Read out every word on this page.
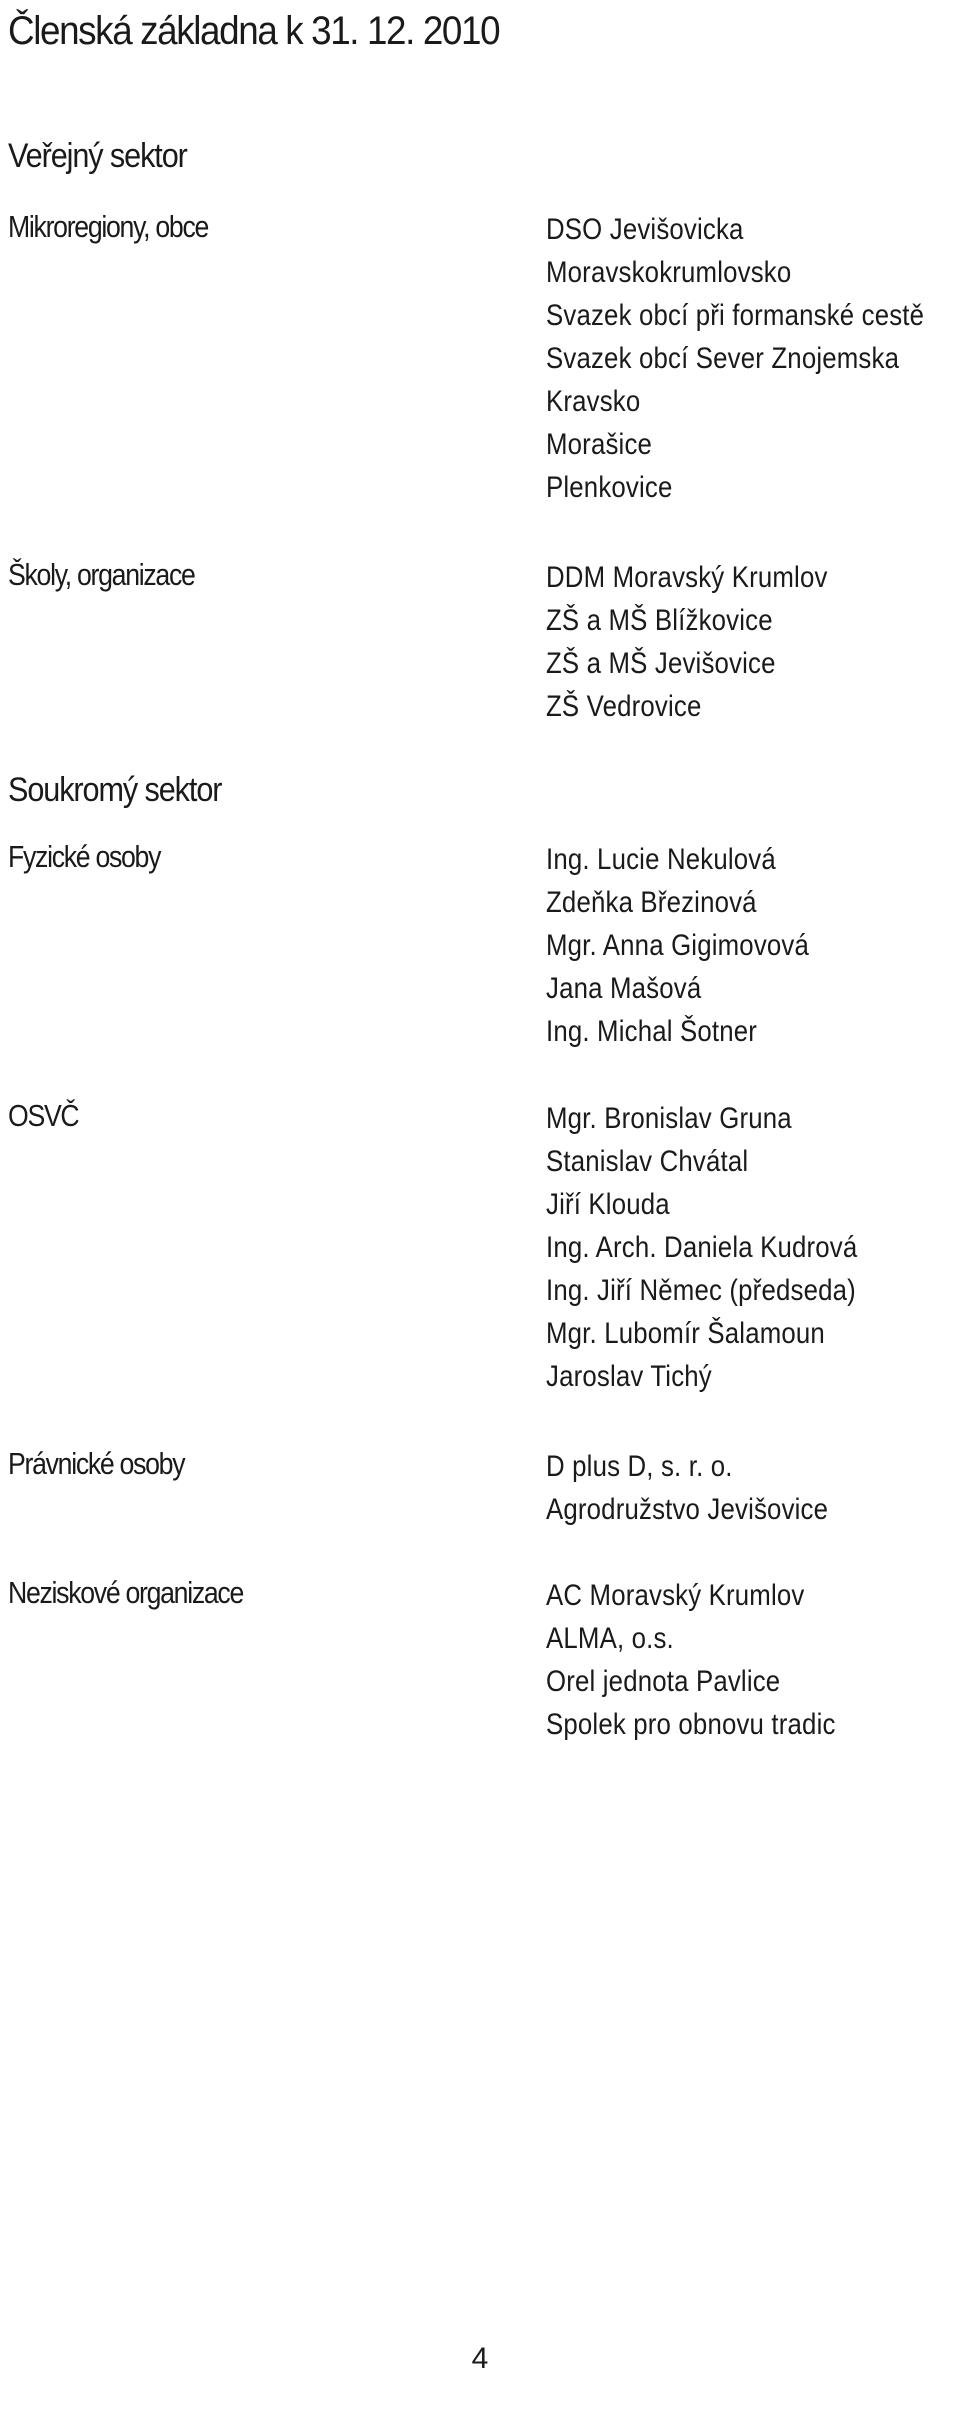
Členská základna k 31. 12. 2010
Veřejný sektor
Mikroregiony, obce	DSO Jevišovicka
Moravskokrumlovsko
Svazek obcí při formanské cestě
Svazek obcí Sever Znojemska
Kravsko
Morašice
Plenkovice
Školy, organizace	DDM Moravský Krumlov
ZŠ a MŠ Blížkovice
ZŠ a MŠ Jevišovice
ZŠ Vedrovice
Soukromý sektor
Fyzické osoby	Ing. Lucie Nekulová
Zdeňka Březinová
Mgr. Anna Gigimovová
Jana Mašová
Ing. Michal Šotner
OSVČ	Mgr. Bronislav Gruna
Stanislav Chvátal
Jiří Klouda
Ing. Arch. Daniela Kudrová
Ing. Jiří Němec (předseda)
Mgr. Lubomír Šalamoun
Jaroslav Tichý
Právnické osoby	D plus D, s. r. o.
Agrodružstvo Jevišovice
Neziskové organizace	AC Moravský Krumlov
ALMA, o.s.
Orel jednota Pavlice
Spolek pro obnovu tradic
4
